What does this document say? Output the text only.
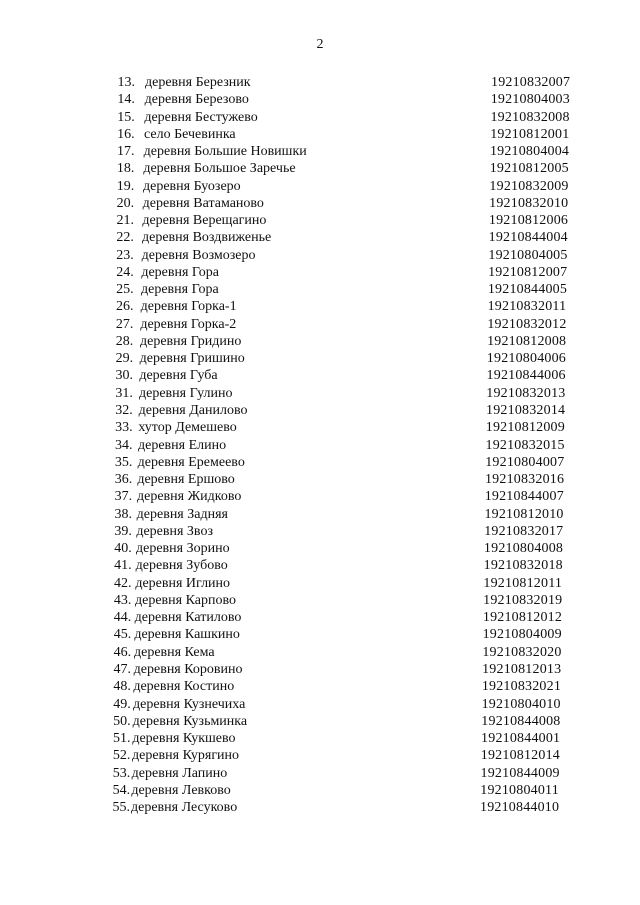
2
13. деревня Березник	19210832007
14. деревня Березово	19210804003
15. деревня Бестужево	19210832008
16. село Бечевинка	19210812001
17. деревня Большие Новишки	19210804004
18. деревня Большое Заречье	19210812005
19. деревня Буозеро	19210832009
20. деревня Ватаманово	19210832010
21. деревня Верещагино	19210812006
22. деревня Воздвиженье	19210844004
23. деревня Возмозеро	19210804005
24. деревня Гора	19210812007
25. деревня Гора	19210844005
26. деревня Горка-1	19210832011
27. деревня Горка-2	19210832012
28. деревня Гридино	19210812008
29. деревня Гришино	19210804006
30. деревня Губа	19210844006
31. деревня Гулино	19210832013
32. деревня Данилово	19210832014
33. хутор Демешево	19210812009
34. деревня Елино	19210832015
35. деревня Еремеево	19210804007
36. деревня Ершово	19210832016
37. деревня Жидково	19210844007
38. деревня Задняя	19210812010
39. деревня Звоз	19210832017
40. деревня Зорино	19210804008
41. деревня Зубово	19210832018
42. деревня Иглино	19210812011
43. деревня Карпово	19210832019
44. деревня Катилово	19210812012
45. деревня Кашкино	19210804009
46. деревня Кема	19210832020
47. деревня Коровино	19210812013
48. деревня Костино	19210832021
49. деревня Кузнечиха	19210804010
50. деревня Кузьминка	19210844008
51. деревня Кукшево	19210844001
52. деревня Курягино	19210812014
53. деревня Лапино	19210844009
54. деревня Левково	19210804011
55. деревня Лесуково	19210844010
